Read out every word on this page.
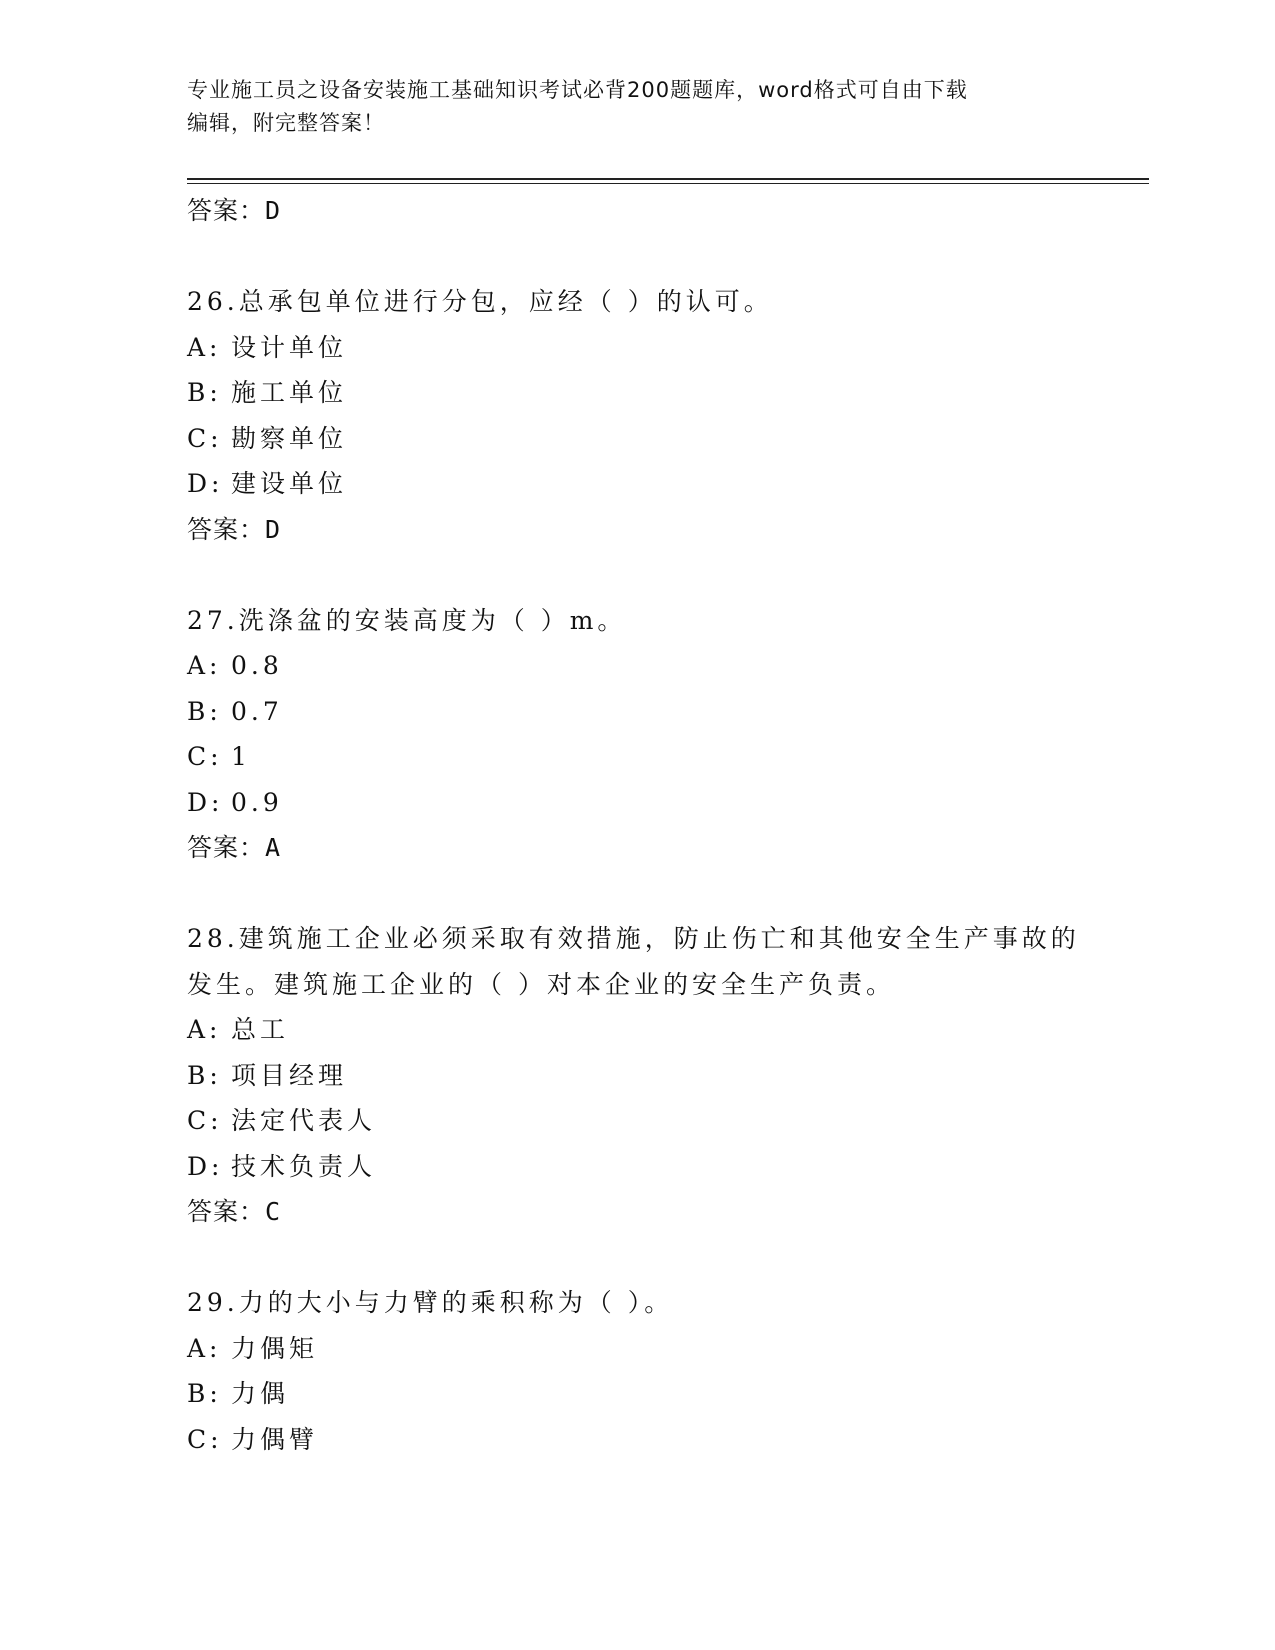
专业施工员之设备安装施工基础知识考试必背200题题库，word格式可自由下载
编辑，附完整答案！
答案：D
26.总承包单位进行分包，应经（ ）的认可。
A: 设计单位
B: 施工单位
C: 勘察单位
D: 建设单位
答案：D
27.洗涤盆的安装高度为（ ）m。
A: 0.8
B: 0.7
C: 1
D: 0.9
答案：A
28.建筑施工企业必须采取有效措施，防止伤亡和其他安全生产事故的
发生。建筑施工企业的（ ）对本企业的安全生产负责。
A: 总工
B: 项目经理
C: 法定代表人
D: 技术负责人
答案：C
29.力的大小与力臂的乘积称为（ ）。
A: 力偶矩
B: 力偶
C: 力偶臂
